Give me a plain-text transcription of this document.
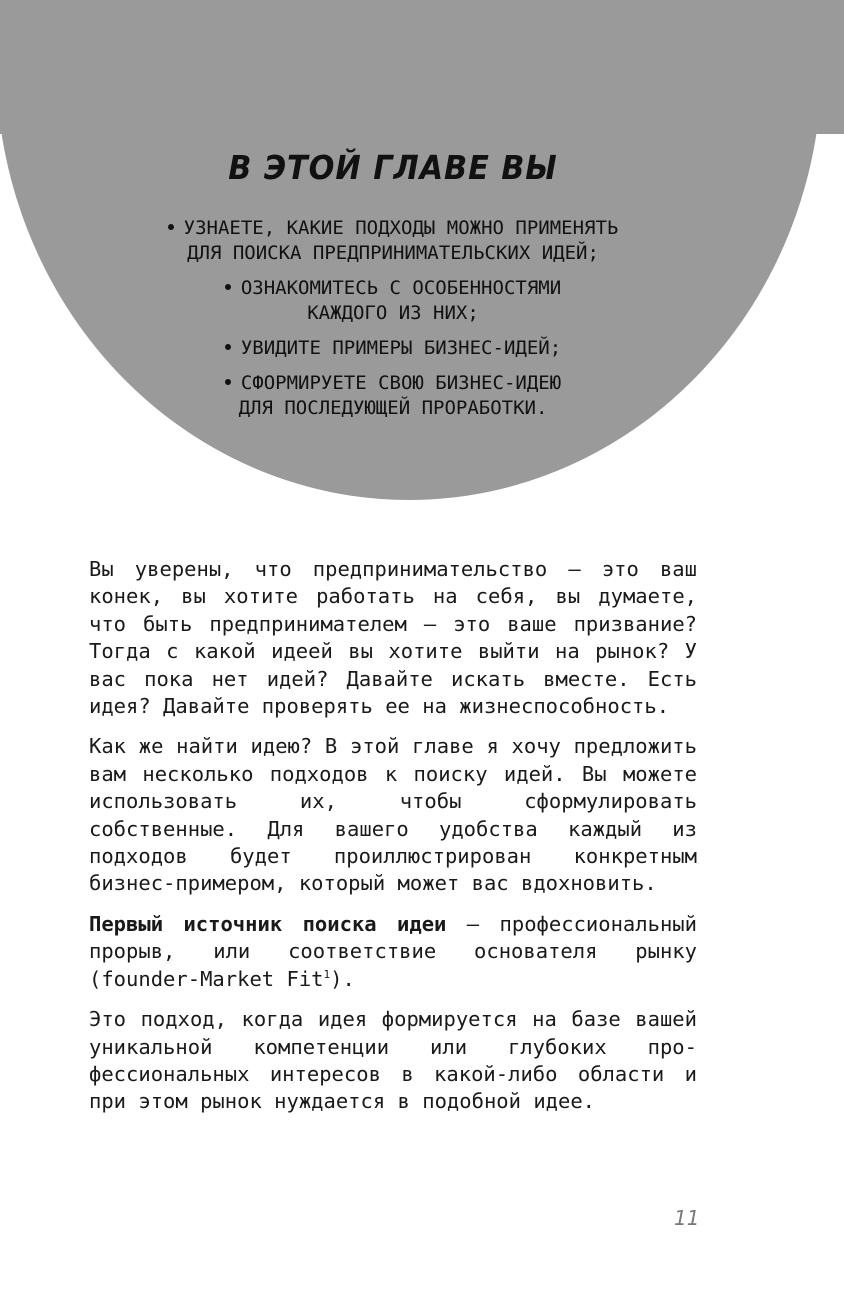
В ЭТОЙ ГЛАВЕ ВЫ
УЗНАЕТЕ, КАКИЕ ПОДХОДЫ МОЖНО ПРИМЕНЯТЬ
ДЛЯ ПОИСКА ПРЕДПРИНИМАТЕЛЬСКИХ ИДЕЙ;
ОЗНАКОМИТЕСЬ С ОСОБЕННОСТЯМИ
КАЖДОГО ИЗ НИХ;
УВИДИТЕ ПРИМЕРЫ БИЗНЕС-ИДЕЙ;
СФОРМИРУЕТЕ СВОЮ БИЗНЕС-ИДЕЮ
ДЛЯ ПОСЛЕДУЮЩЕЙ ПРОРАБОТКИ.

Вы уверены, что предпринимательство — это ваш конек, вы хотите работать на себя, вы думаете, что быть предпринимателем — это ваше призвание? Тогда с какой идеей вы хотите выйти на рынок? У вас пока нет идей? Давайте искать вместе. Есть идея? Давайте проверять ее на жизнеспособность.

Как же найти идею? В этой главе я хочу предложить вам несколько подходов к поиску идей. Вы можете использовать их, чтобы сформулировать собственные. Для вашего удобства каждый из подходов будет проиллюстрирован конкретным бизнес-примером, который может вас вдохновить.

Первый источник поиска идеи — профессиональный прорыв, или соответствие основателя рынку (founder-Market Fit$^1$).

Это подход, когда идея формируется на базе вашей уникальной компетенции или глубоких профессиональных интересов в какой-либо области и при этом рынок нуждается в подобной идее.

11
